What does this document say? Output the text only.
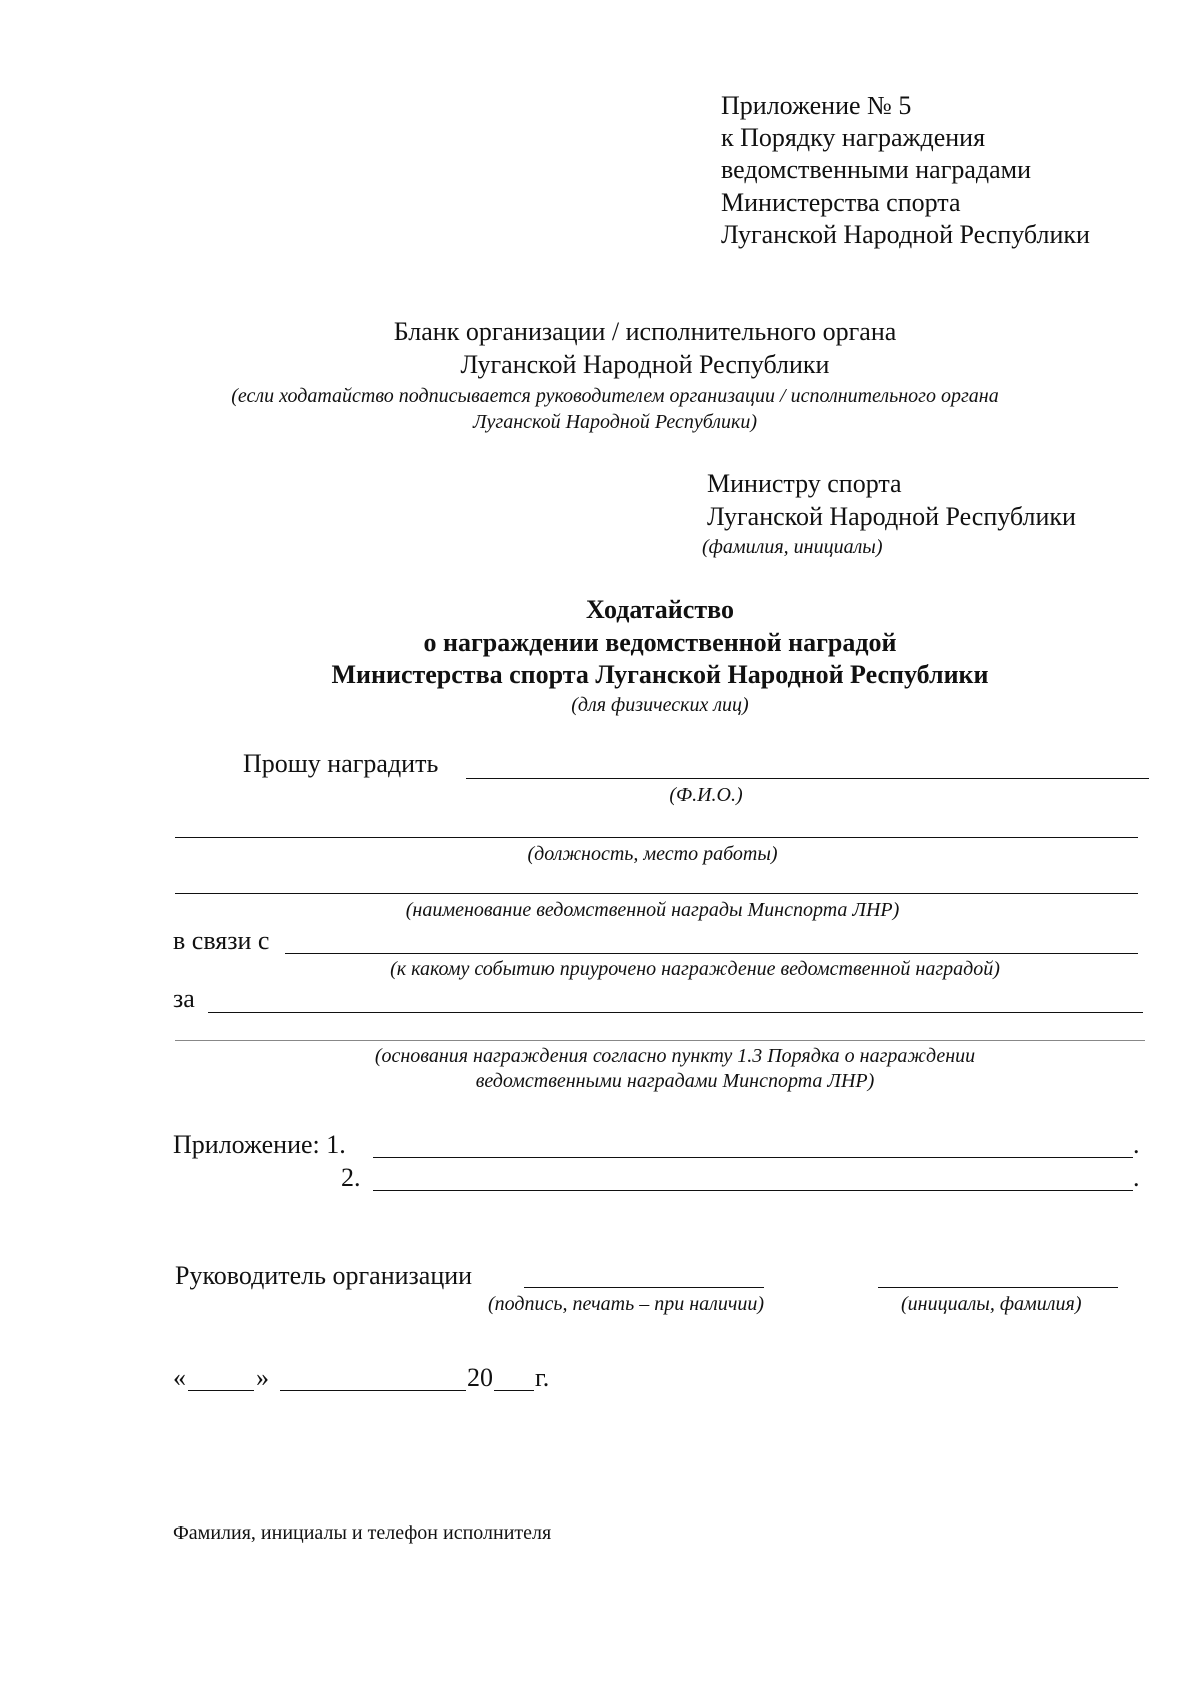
Приложение № 5
к Порядку награждения
ведомственными наградами
Министерства спорта
Луганской Народной Республики
Бланк организации / исполнительного органа
Луганской Народной Республики
(если ходатайство подписывается руководителем организации / исполнительного органа
Луганской Народной Республики)
Министру спорта
Луганской Народной Республики
(фамилия, инициалы)
Ходатайство
о награждении ведомственной наградой
Министерства спорта Луганской Народной Республики
(для физических лиц)
Прошу наградить
(Ф.И.О.)
(должность, место работы)
(наименование ведомственной награды Минспорта ЛНР)
в связи с
(к какому событию приурочено награждение ведомственной наградой)
за
(основания награждения согласно пункту 1.3 Порядка о награждении
ведомственными наградами Минспорта ЛНР)
Приложение: 1.	.
2.	.
Руководитель организации
(подпись, печать – при наличии)	(инициалы, фамилия)
«	»	20 г.
Фамилия, инициалы и телефон исполнителя
